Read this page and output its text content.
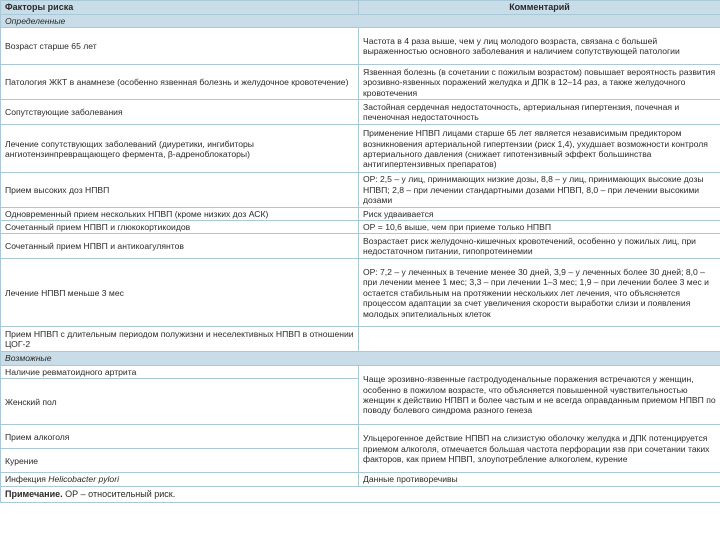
Факторы риска	Комментарий
Определенные	
Возраст старше 65 лет	Частота в 4 раза выше, чем у лиц молодого возраста, связана с большей выраженностью основного заболевания и наличием сопутствующей патологии
Патология ЖКТ в анамнезе (особенно язвенная болезнь и желудочное кровотечение)	Язвенная болезнь (в сочетании с пожилым возрастом) повышает вероятность развития эрозивно-язвенных поражений желудка и ДПК в 12–14 раз, а также желудочного кровотечения
Сопутствующие заболевания	Застойная сердечная недостаточность, артериальная гипертензия, почечная и печеночная недостаточность
Лечение сопутствующих заболеваний (диуретики, ингибиторы ангиотензинпревращающего фермента, β-адреноблокаторы)	Применение НПВП лицами старше 65 лет является независимым предиктором возникновения артериальной гипертензии (риск 1,4), ухудшает возможности контроля артериального давления (снижает гипотензивный эффект большинства антигипертензивных препаратов)
Прием высоких доз НПВП	ОР: 2,5 – у лиц, принимающих низкие дозы, 8,8 – у лиц, принимающих высокие дозы НПВП; 2,8 – при лечении стандартными дозами НПВП, 8,0 – при лечении высокими дозами
Одновременный прием нескольких НПВП (кроме низких доз АСК)	Риск удваивается
Сочетанный прием НПВП и глюкокортикоидов	ОР = 10,6 выше, чем при приеме только НПВП
Сочетанный прием НПВП и антикоагулянтов	Возрастает риск желудочно-кишечных кровотечений, особенно у пожилых лиц, при недостаточном питании, гипопротеинемии
Лечение НПВП меньше 3 мес	ОР: 7,2 – у леченных в течение менее 30 дней, 3,9 – у леченных более 30 дней; 8,0 – при лечении менее 1 мес; 3,3 – при лечении 1–3 мес; 1,9 – при лечении более 3 мес и остается стабильным на протяжении нескольких лет лечения, что объясняется процессом адаптации за счет увеличения скорости выработки слизи и появления молодых эпителиальных клеток
Прием НПВП с длительным периодом полужизни и неселективных НПВП в отношении ЦОГ-2	
Возможные	
Наличие ревматоидного артрита	Чаще эрозивно-язвенные гастродуоденальные поражения встречаются у женщин, особенно в пожилом возрасте, что объясняется повышенной чувствительностью женщин к действию НПВП и более частым и не всегда оправданным приемом НПВП по поводу болевого синдрома разного генеза
Женский пол	
Прием алкоголя	Ульцерогенное действие НПВП на слизистую оболочку желудка и ДПК потенцируется приемом алкоголя, отмечается большая частота перфорации язв при сочетании таких факторов, как прием НПВП, злоупотребление алкоголем, курение
Курение	
Инфекция Helicobacter pylori	Данные противоречивы
Примечание. ОР – относительный риск.	
